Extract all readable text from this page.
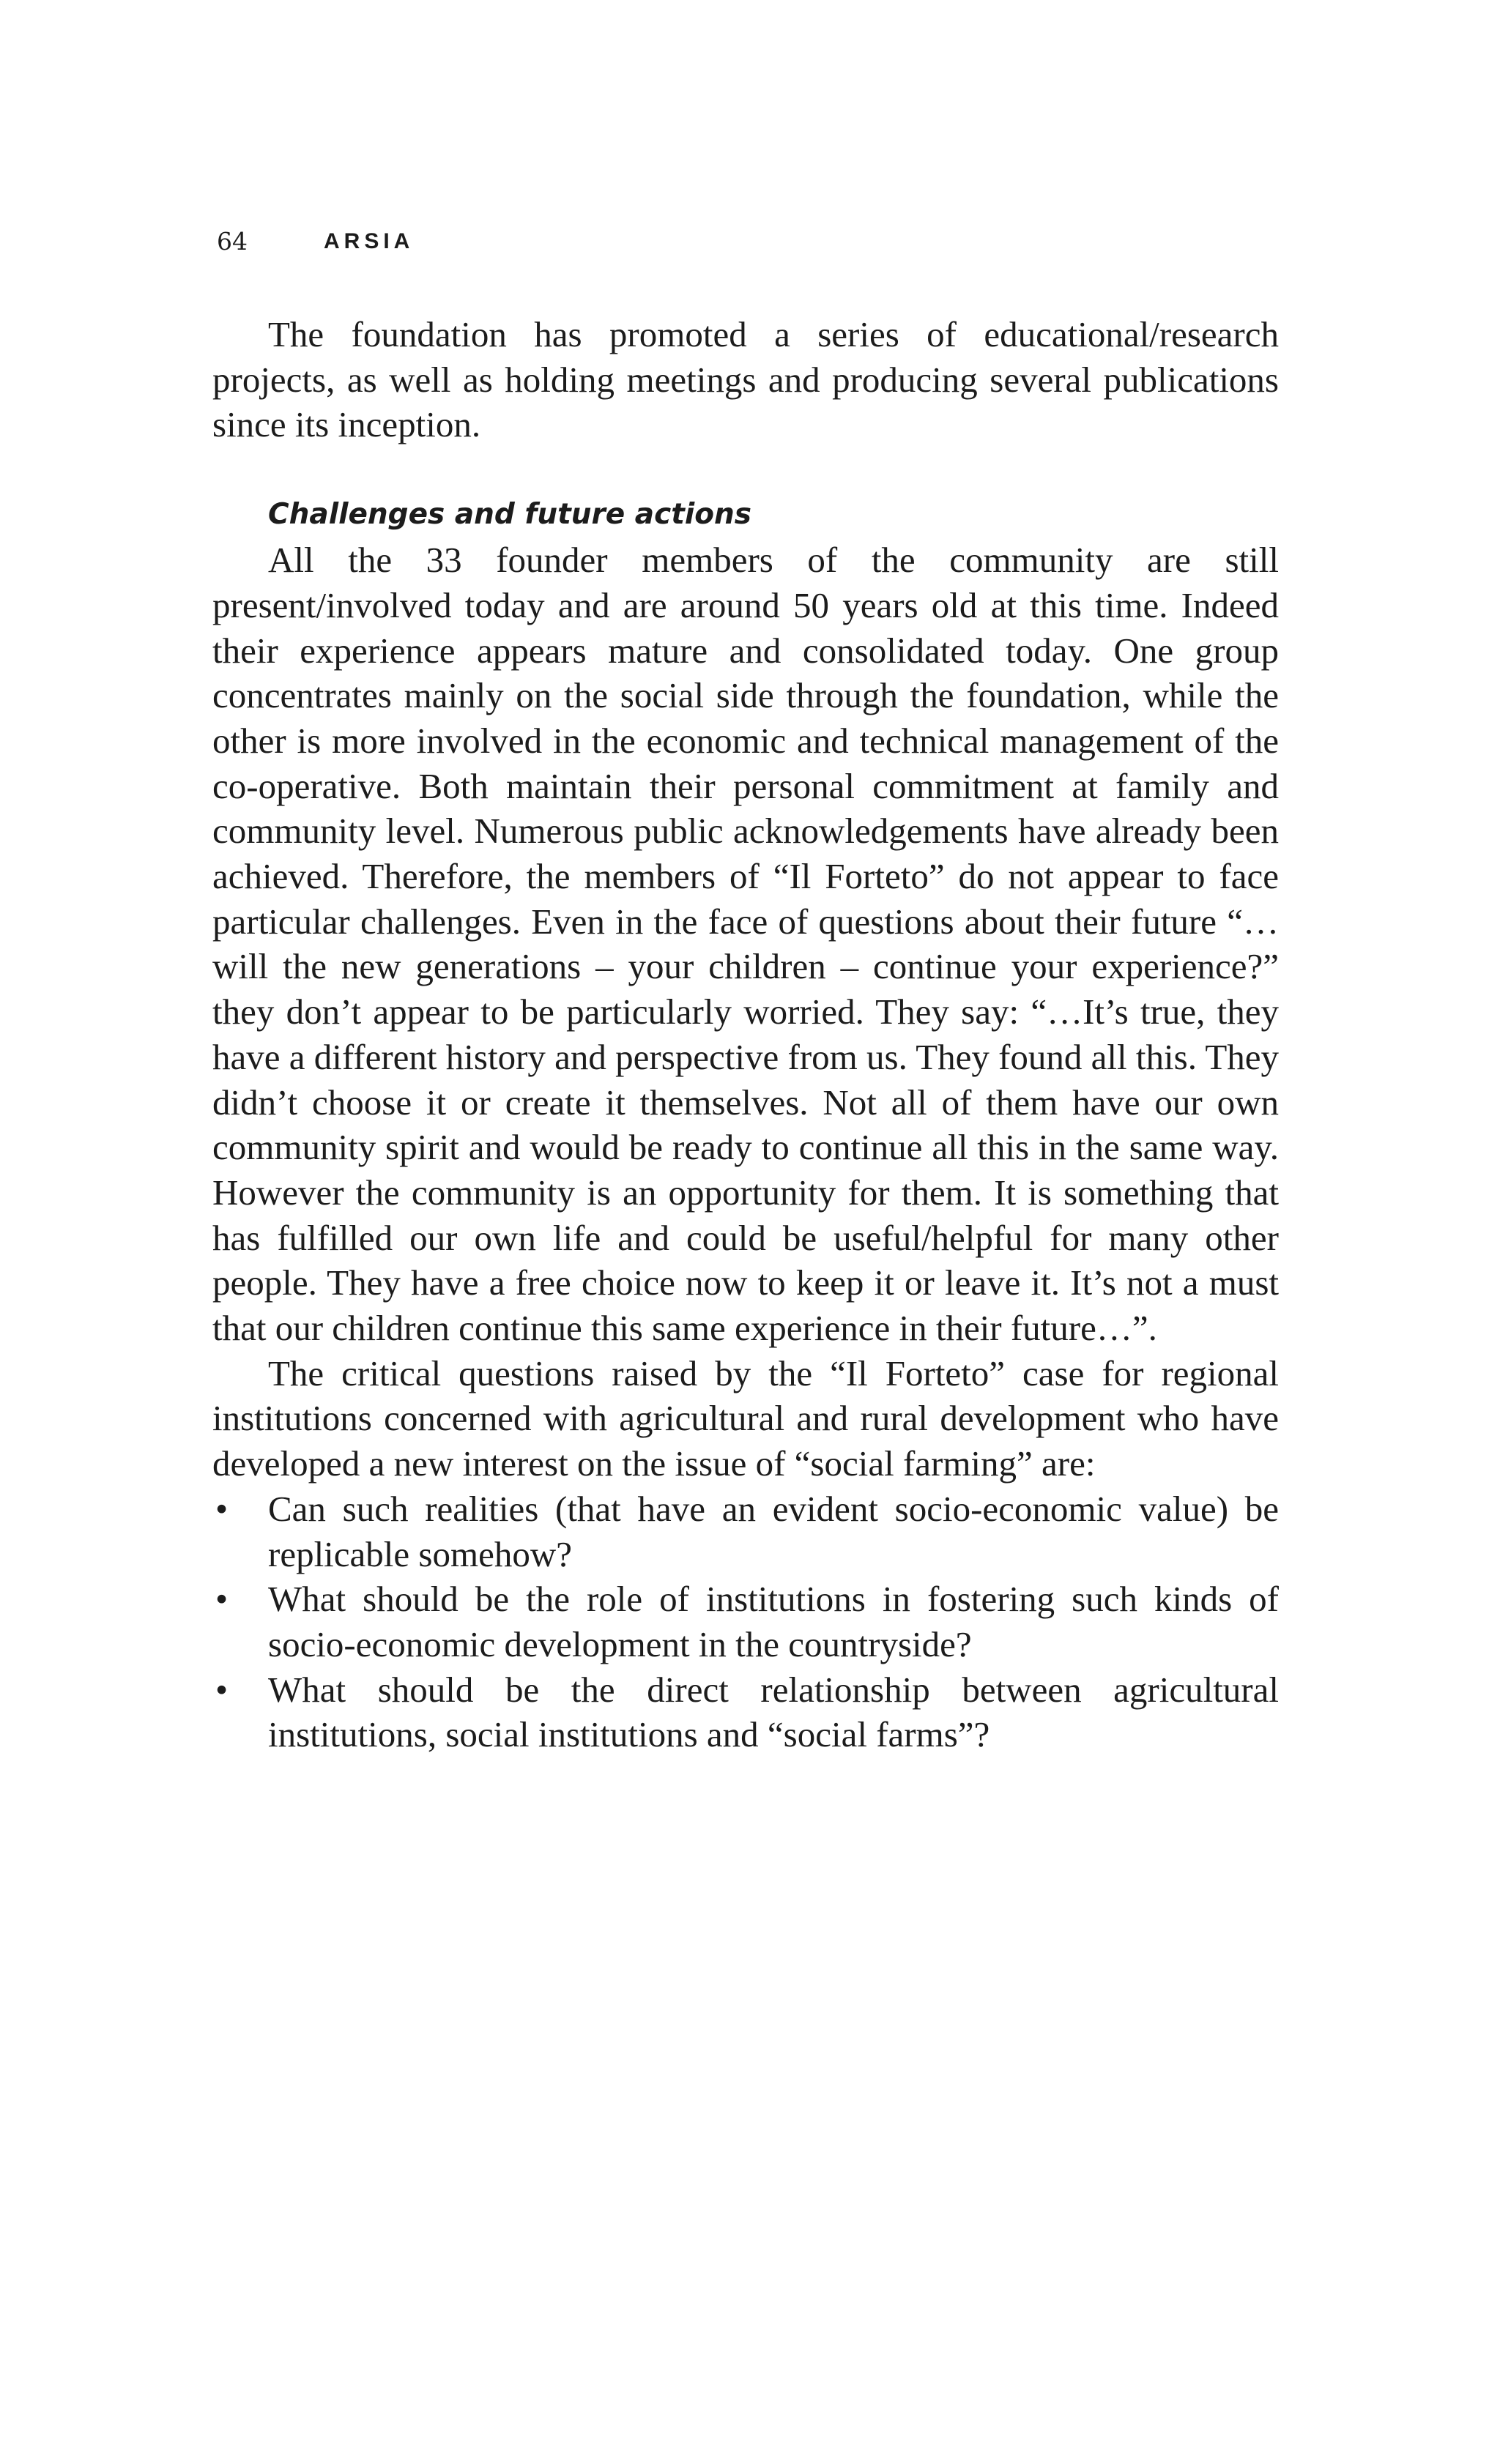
64	ARSIA

The foundation has promoted a series of educational/research projects, as well as holding meetings and producing several publications since its inception.

Challenges and future actions

All the 33 founder members of the community are still present/involved today and are around 50 years old at this time. Indeed their experience appears mature and consolidated today. One group concentrates mainly on the social side through the foundation, while the other is more involved in the economic and technical management of the co-operative. Both maintain their personal commitment at family and community level. Numerous public acknowledgements have already been achieved. Therefore, the members of “Il Forteto” do not appear to face particular challenges. Even in the face of questions about their future “…will the new generations – your children – continue your experience?” they don’t appear to be particularly worried. They say: “…It’s true, they have a different history and perspective from us. They found all this. They didn’t choose it or create it themselves. Not all of them have our own community spirit and would be ready to continue all this in the same way. However the community is an opportunity for them. It is something that has fulfilled our own life and could be useful/helpful for many other people. They have a free choice now to keep it or leave it. It’s not a must that our children continue this same experience in their future…”.

The critical questions raised by the “Il Forteto” case for regional institutions concerned with agricultural and rural development who have developed a new interest on the issue of “social farming” are:

• Can such realities (that have an evident socio-economic value) be replicable somehow?
• What should be the role of institutions in fostering such kinds of socio-economic development in the countryside?
• What should be the direct relationship between agricultural institutions, social institutions and “social farms”?
